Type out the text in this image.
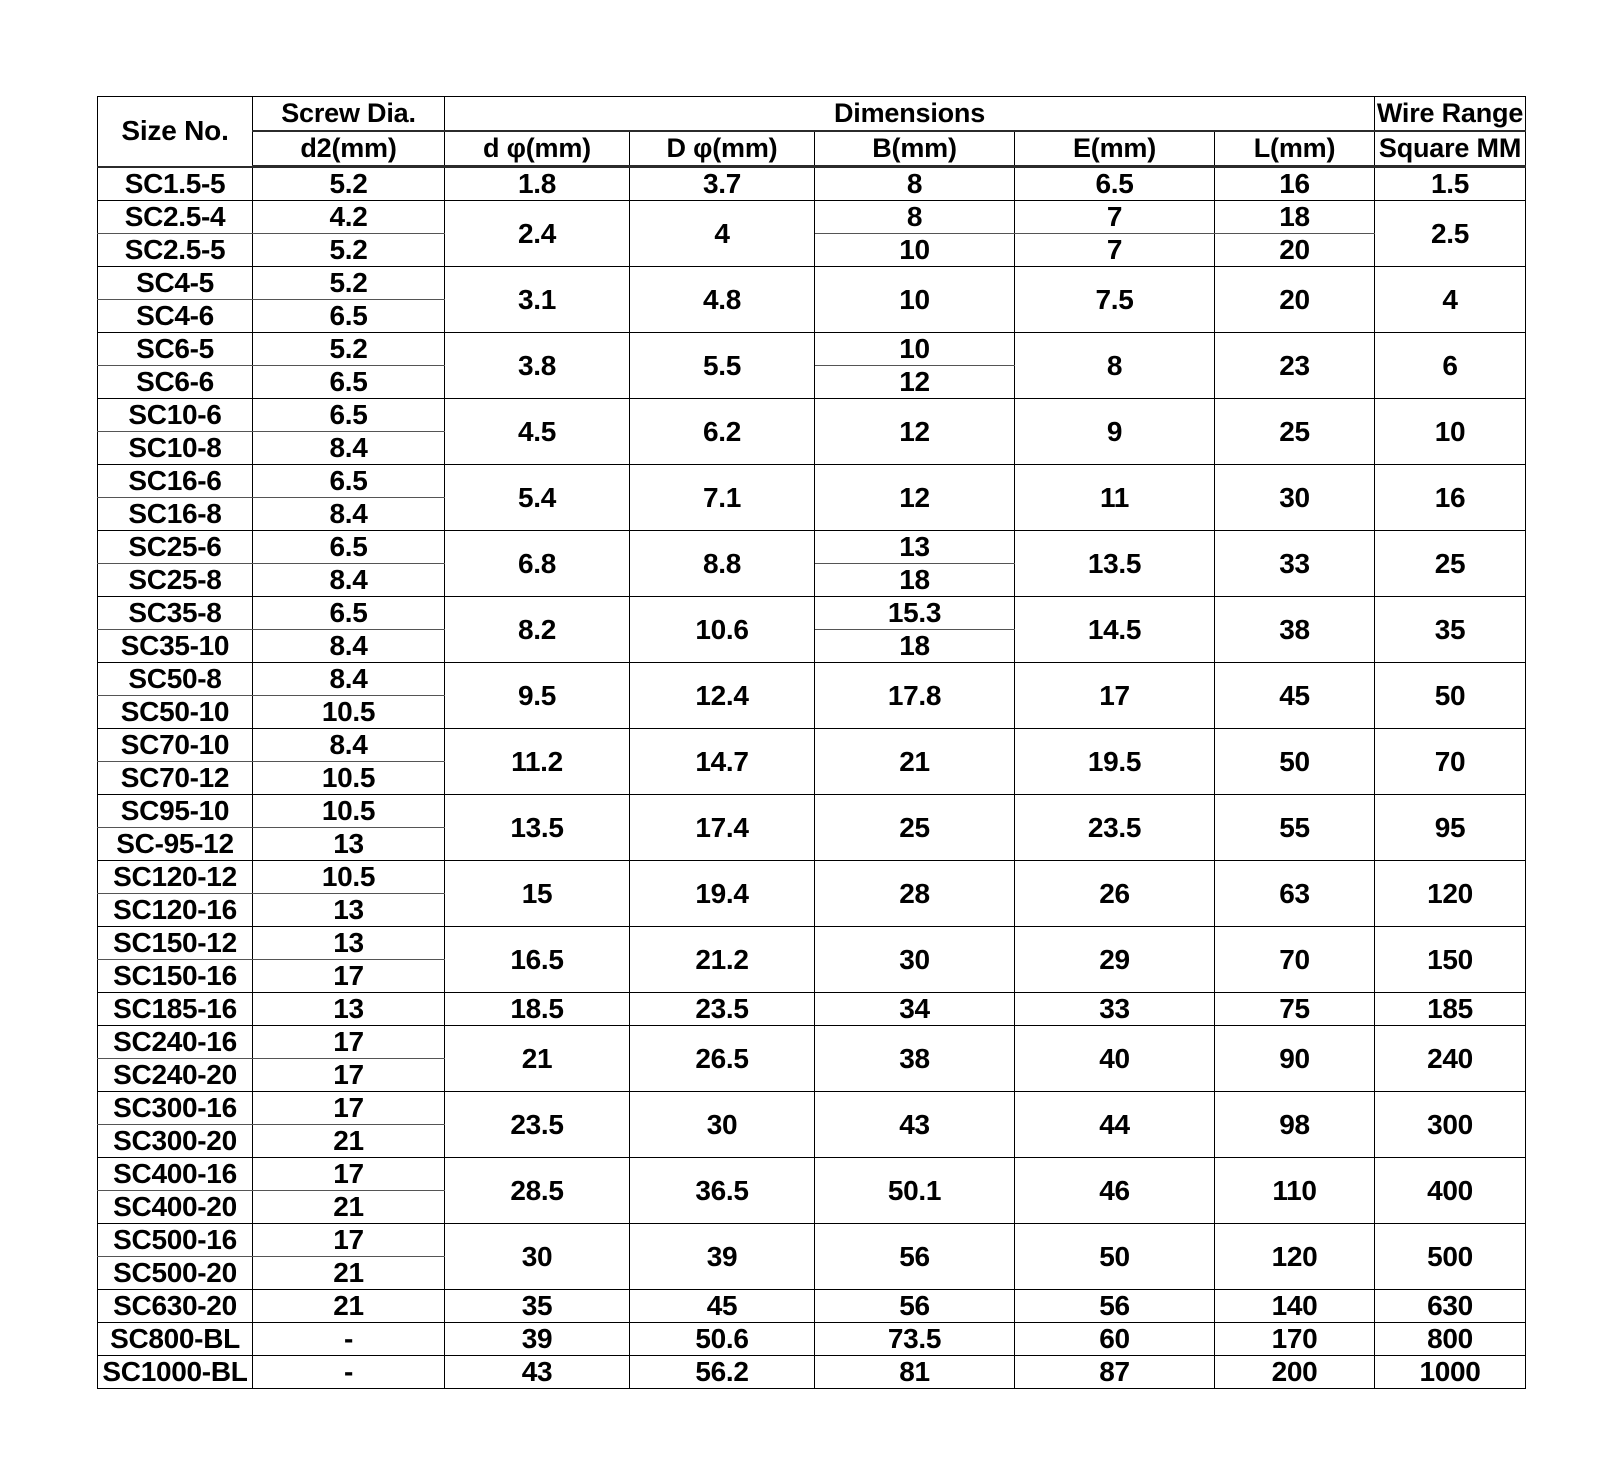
Size No.	Screw Dia.	Dimensions					Wire Range
	d2(mm)	d φ(mm)	D φ(mm)	B(mm)	E(mm)	L(mm)	Square MM
SC1.5-5	5.2	1.8	3.7	8	6.5	16	1.5
SC2.5-4	4.2	2.4	4	8	7	18	2.5
SC2.5-5	5.2			10	7	20	
SC4-5	5.2	3.1	4.8	10	7.5	20	4
SC4-6	6.5						
SC6-5	5.2	3.8	5.5	10	8	23	6
SC6-6	6.5			12			
SC10-6	6.5	4.5	6.2	12	9	25	10
SC10-8	8.4						
SC16-6	6.5	5.4	7.1	12	11	30	16
SC16-8	8.4						
SC25-6	6.5	6.8	8.8	13	13.5	33	25
SC25-8	8.4			18			
SC35-8	6.5	8.2	10.6	15.3	14.5	38	35
SC35-10	8.4			18			
SC50-8	8.4	9.5	12.4	17.8	17	45	50
SC50-10	10.5						
SC70-10	8.4	11.2	14.7	21	19.5	50	70
SC70-12	10.5						
SC95-10	10.5	13.5	17.4	25	23.5	55	95
SC-95-12	13						
SC120-12	10.5	15	19.4	28	26	63	120
SC120-16	13						
SC150-12	13	16.5	21.2	30	29	70	150
SC150-16	17						
SC185-16	13	18.5	23.5	34	33	75	185
SC240-16	17	21	26.5	38	40	90	240
SC240-20	17						
SC300-16	17	23.5	30	43	44	98	300
SC300-20	21						
SC400-16	17	28.5	36.5	50.1	46	110	400
SC400-20	21						
SC500-16	17	30	39	56	50	120	500
SC500-20	21						
SC630-20	21	35	45	56	56	140	630
SC800-BL	-	39	50.6	73.5	60	170	800
SC1000-BL	-	43	56.2	81	87	200	1000
